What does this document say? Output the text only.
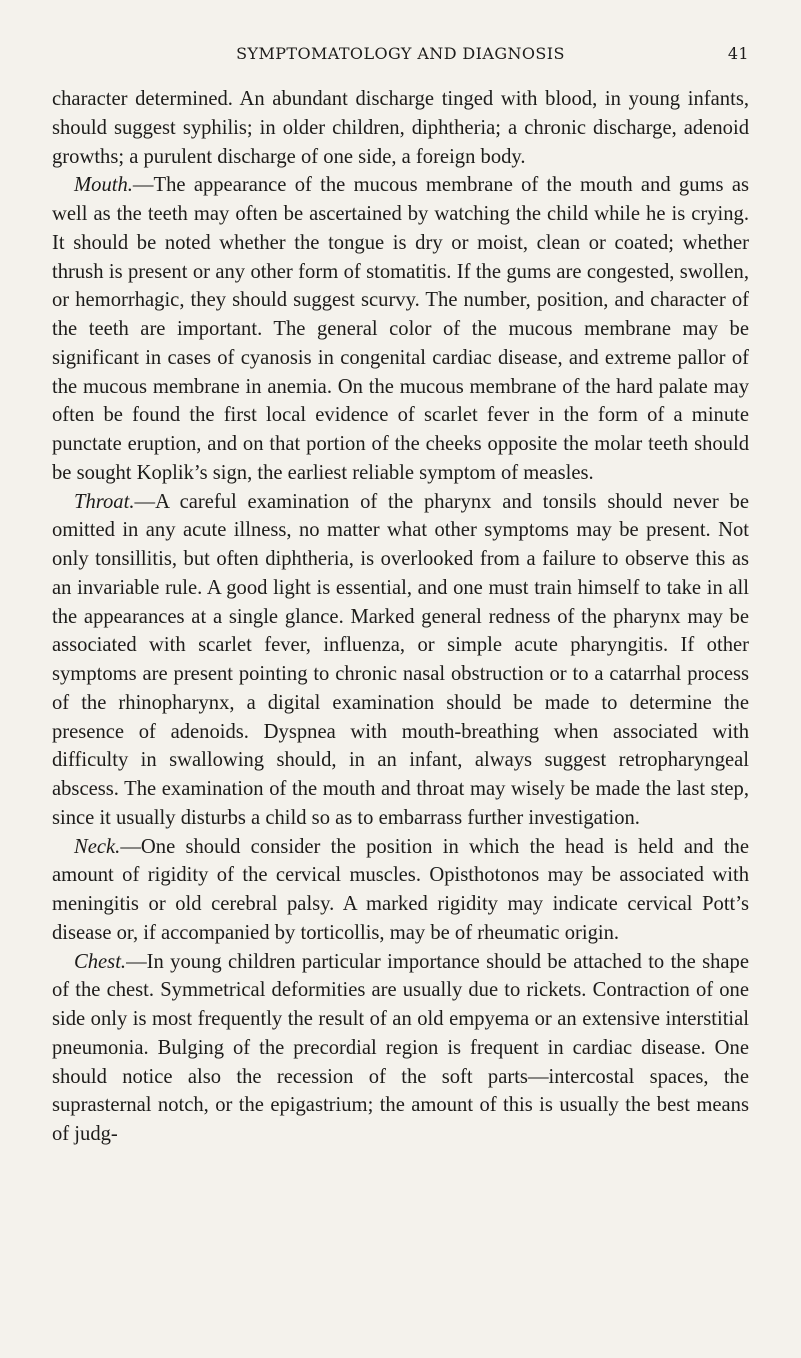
SYMPTOMATOLOGY AND DIAGNOSIS	41

character determined. An abundant discharge tinged with blood, in young infants, should suggest syphilis; in older children, diphtheria; a chronic discharge, adenoid growths; a purulent discharge of one side, a foreign body.

Mouth.—The appearance of the mucous membrane of the mouth and gums as well as the teeth may often be ascertained by watching the child while he is crying. It should be noted whether the tongue is dry or moist, clean or coated; whether thrush is present or any other form of stomatitis. If the gums are congested, swollen, or hemorrhagic, they should suggest scurvy. The number, position, and character of the teeth are important. The general color of the mucous membrane may be significant in cases of cyanosis in congenital cardiac disease, and extreme pallor of the mucous membrane in anemia. On the mucous membrane of the hard palate may often be found the first local evidence of scarlet fever in the form of a minute punctate eruption, and on that portion of the cheeks opposite the molar teeth should be sought Koplik’s sign, the earliest reliable symptom of measles.

Throat.—A careful examination of the pharynx and tonsils should never be omitted in any acute illness, no matter what other symptoms may be present. Not only tonsillitis, but often diphtheria, is overlooked from a failure to observe this as an invariable rule. A good light is essential, and one must train himself to take in all the appearances at a single glance. Marked general redness of the pharynx may be associated with scarlet fever, influenza, or simple acute pharyngitis. If other symptoms are present pointing to chronic nasal obstruction or to a catarrhal process of the rhinopharynx, a digital examination should be made to determine the presence of adenoids. Dyspnea with mouth-breathing when associated with difficulty in swallowing should, in an infant, always suggest retropharyngeal abscess. The examination of the mouth and throat may wisely be made the last step, since it usually disturbs a child so as to embarrass further investigation.

Neck.—One should consider the position in which the head is held and the amount of rigidity of the cervical muscles. Opisthotonos may be associated with meningitis or old cerebral palsy. A marked rigidity may indicate cervical Pott’s disease or, if accompanied by torticollis, may be of rheumatic origin.

Chest.—In young children particular importance should be attached to the shape of the chest. Symmetrical deformities are usually due to rickets. Contraction of one side only is most frequently the result of an old empyema or an extensive interstitial pneumonia. Bulging of the precordial region is frequent in cardiac disease. One should notice also the recession of the soft parts—intercostal spaces, the suprasternal notch, or the epigastrium; the amount of this is usually the best means of judg-
